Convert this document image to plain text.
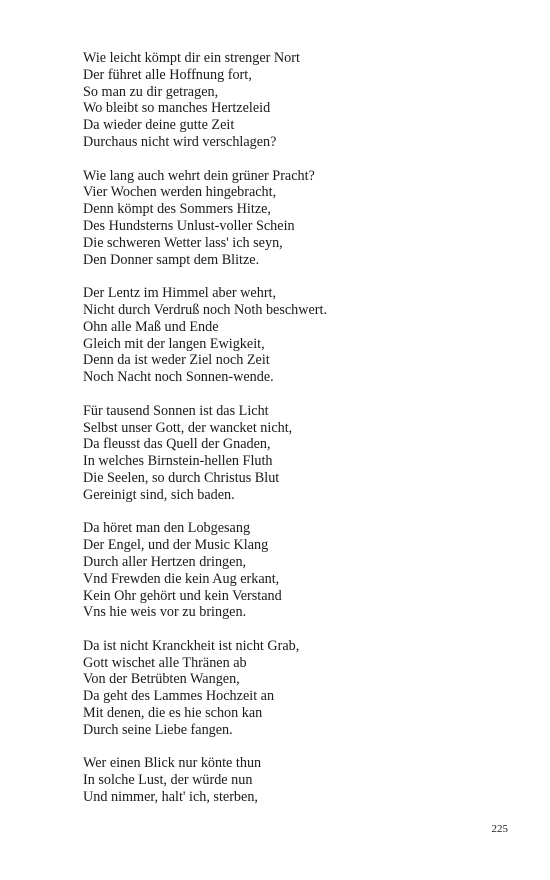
Wie leicht kömpt dir ein strenger Nort
Der führet alle Hoffnung fort,
So man zu dir getragen,
Wo bleibt so manches Hertzeleid
Da wieder deine gutte Zeit
Durchaus nicht wird verschlagen?
Wie lang auch wehrt dein grüner Pracht?
Vier Wochen werden hingebracht,
Denn kömpt des Sommers Hitze,
Des Hundsterns Unlust-voller Schein
Die schweren Wetter lass' ich seyn,
Den Donner sampt dem Blitze.
Der Lentz im Himmel aber wehrt,
Nicht durch Verdruß noch Noth beschwert.
Ohn alle Maß und Ende
Gleich mit der langen Ewigkeit,
Denn da ist weder Ziel noch Zeit
Noch Nacht noch Sonnen-wende.
Für tausend Sonnen ist das Licht
Selbst unser Gott, der wancket nicht,
Da fleusst das Quell der Gnaden,
In welches Birnstein-hellen Fluth
Die Seelen, so durch Christus Blut
Gereinigt sind, sich baden.
Da höret man den Lobgesang
Der Engel, und der Music Klang
Durch aller Hertzen dringen,
Vnd Frewden die kein Aug erkant,
Kein Ohr gehört und kein Verstand
Vns hie weis vor zu bringen.
Da ist nicht Kranckheit ist nicht Grab,
Gott wischet alle Thränen ab
Von der Betrübten Wangen,
Da geht des Lammes Hochzeit an
Mit denen, die es hie schon kan
Durch seine Liebe fangen.
Wer einen Blick nur könte thun
In solche Lust, der würde nun
Und nimmer, halt' ich, sterben,
225
